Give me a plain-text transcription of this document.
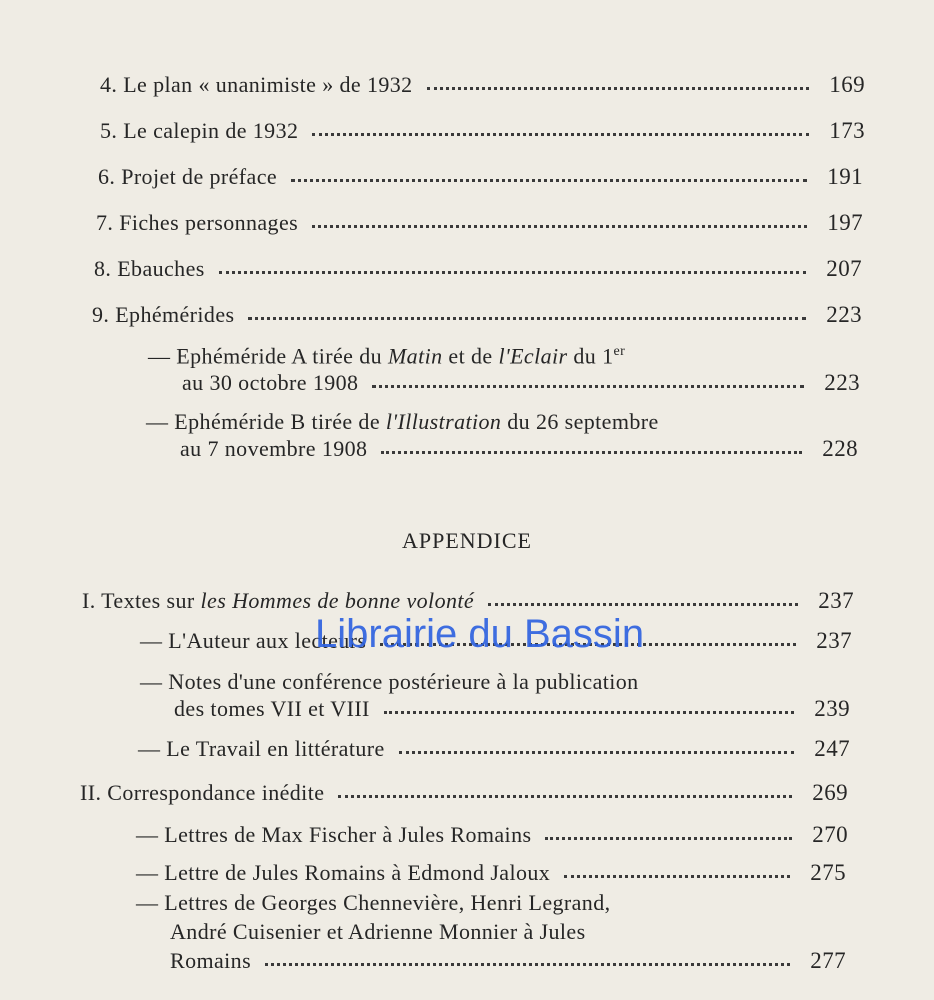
4. Le plan « unanimiste » de 1932	169
5. Le calepin de 1932	173
6. Projet de préface	191
7. Fiches personnages	197
8. Ebauches	207
9. Ephémérides	223
— Ephéméride A tirée du Matin et de l'Eclair du 1er
au 30 octobre 1908	223
— Ephéméride B tirée de l'Illustration du 26 septembre
au 7 novembre 1908	228
APPENDICE
I. Textes sur les Hommes de bonne volonté	237
— L'Auteur aux lecteurs	237
— Notes d'une conférence postérieure à la publication
des tomes VII et VIII	239
— Le Travail en littérature	247
II. Correspondance inédite	269
— Lettres de Max Fischer à Jules Romains	270
— Lettre de Jules Romains à Edmond Jaloux	275
— Lettres de Georges Chennevière, Henri Legrand,
André Cuisenier et Adrienne Monnier à Jules
Romains	277
Librairie du Bassin
